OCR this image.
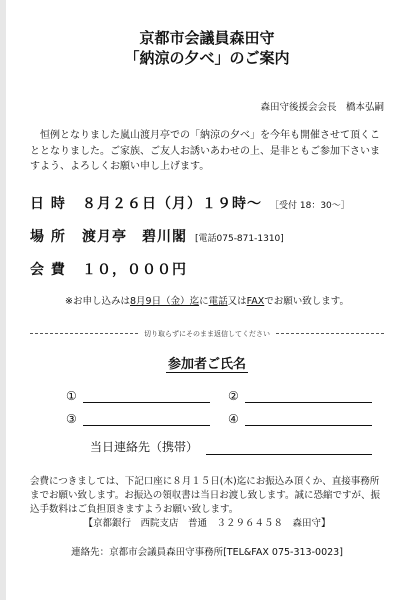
京都市会議員森田守
「納涼の夕べ」のご案内
森田守後援会会長　橋本弘嗣
恒例となりました嵐山渡月亭での「納涼の夕べ」を今年も開催させて頂くこととなりました。ご家族、ご友人お誘いあわせの上、是非ともご参加下さいますよう、よろしくお願い申し上げます。
日 時	８月２６日（月）１９時～ ［受付 18：30～］
場 所	渡月亭　碧川閣 [電話075-871-1310]
会 費	１０，０００円
※お申し込みは8月9日（金）迄に電話又はFAXでお願い致します。
切り取らずにそのまま返信してください
参加者ご氏名
①	②
③	④
当日連絡先（携帯）
会費につきましては、下記口座に８月１５日(木)迄にお振込み頂くか、直接事務所までお願い致します。お振込の領収書は当日お渡し致します。誠に恐縮ですが、振込手数料はご負担頂きますようお願い致します。
【京都銀行　西院支店　普通　３２９６４５８　森田守】
連絡先：京都市会議員森田守事務所[TEL&FAX 075-313-0023]
